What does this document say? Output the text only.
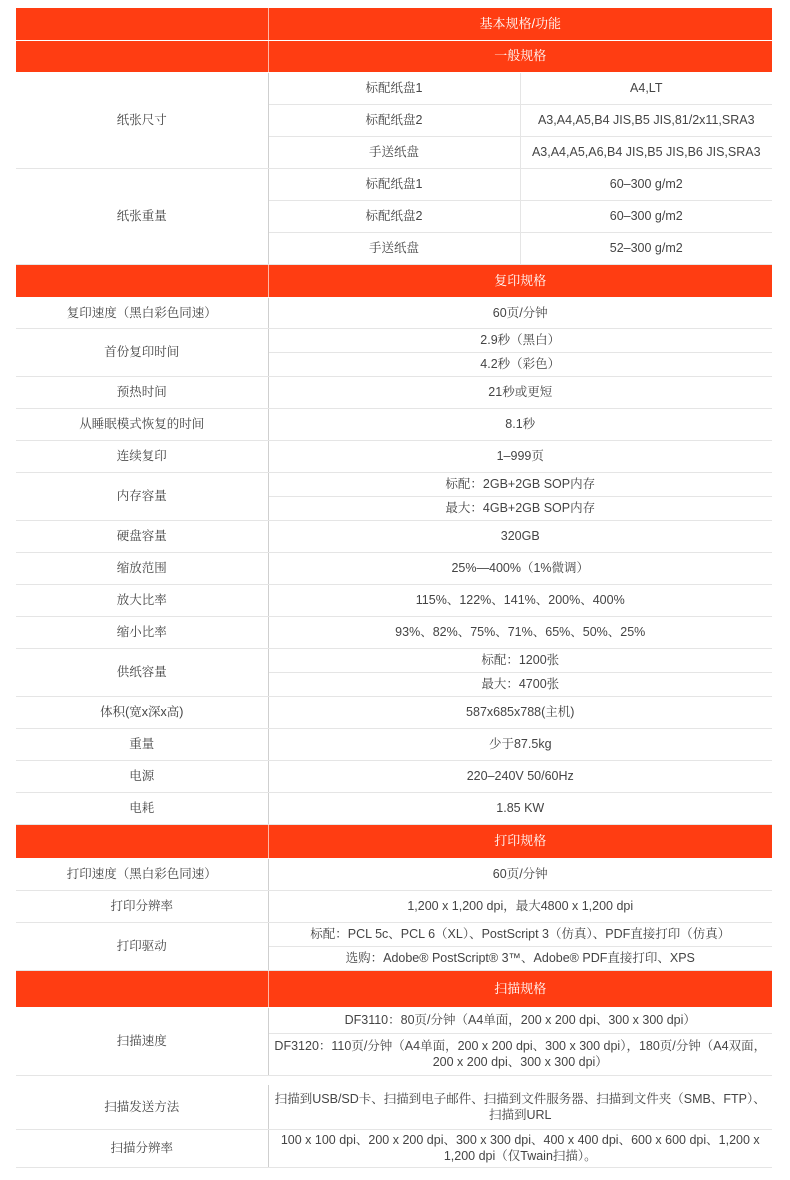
	基本规格/功能	
	一般规格	
纸张尺寸	标配纸盘1	A4,LT
	标配纸盘2	A3,A4,A5,B4 JIS,B5 JIS,81/2x11,SRA3
	手送纸盘	A3,A4,A5,A6,B4 JIS,B5 JIS,B6 JIS,SRA3
纸张重量	标配纸盘1	60–300 g/m2
	标配纸盘2	60–300 g/m2
	手送纸盘	52–300 g/m2
	复印规格	
复印速度（黑白彩色同速）	60页/分钟	
首份复印时间	2.9秒（黑白）	
	4.2秒（彩色）	
预热时间	21秒或更短	
从睡眠模式恢复的时间	8.1秒	
连续复印	1–999页	
内存容量	标配：2GB+2GB SOP内存	
	最大：4GB+2GB SOP内存	
硬盘容量	320GB	
缩放范围	25%—400%（1%微调）	
放大比率	115%、122%、141%、200%、400%	
缩小比率	93%、82%、75%、71%、65%、50%、25%	
供纸容量	标配：1200张	
	最大：4700张	
体积(宽x深x高)	587x685x788(主机)	
重量	少于87.5kg	
电源	220–240V 50/60Hz	
电耗	1.85 KW	
	打印规格	
打印速度（黑白彩色同速）	60页/分钟	
打印分辨率	1,200 x 1,200 dpi，最大4800 x 1,200 dpi	
打印驱动	标配：PCL 5c、PCL 6（XL）、PostScript 3（仿真）、PDF直接打印（仿真）	
	选购：Adobe® PostScript® 3™、Adobe® PDF直接打印、XPS	
	扫描规格	
扫描速度	DF3110：80页/分钟（A4单面，200 x 200 dpi、300 x 300 dpi）	
	DF3120：110页/分钟（A4单面，200 x 200 dpi、300 x 300 dpi），180页/分钟（A4双面，200 x 200 dpi、300 x 300 dpi）	

扫描发送方法	扫描到USB/SD卡、扫描到电子邮件、扫描到文件服务器、扫描到文件夹（SMB、FTP）、扫描到URL	
扫描分辨率	100 x 100 dpi、200 x 200 dpi、300 x 300 dpi、400 x 400 dpi、600 x 600 dpi、1,200 x 1,200 dpi（仅Twain扫描）。	
